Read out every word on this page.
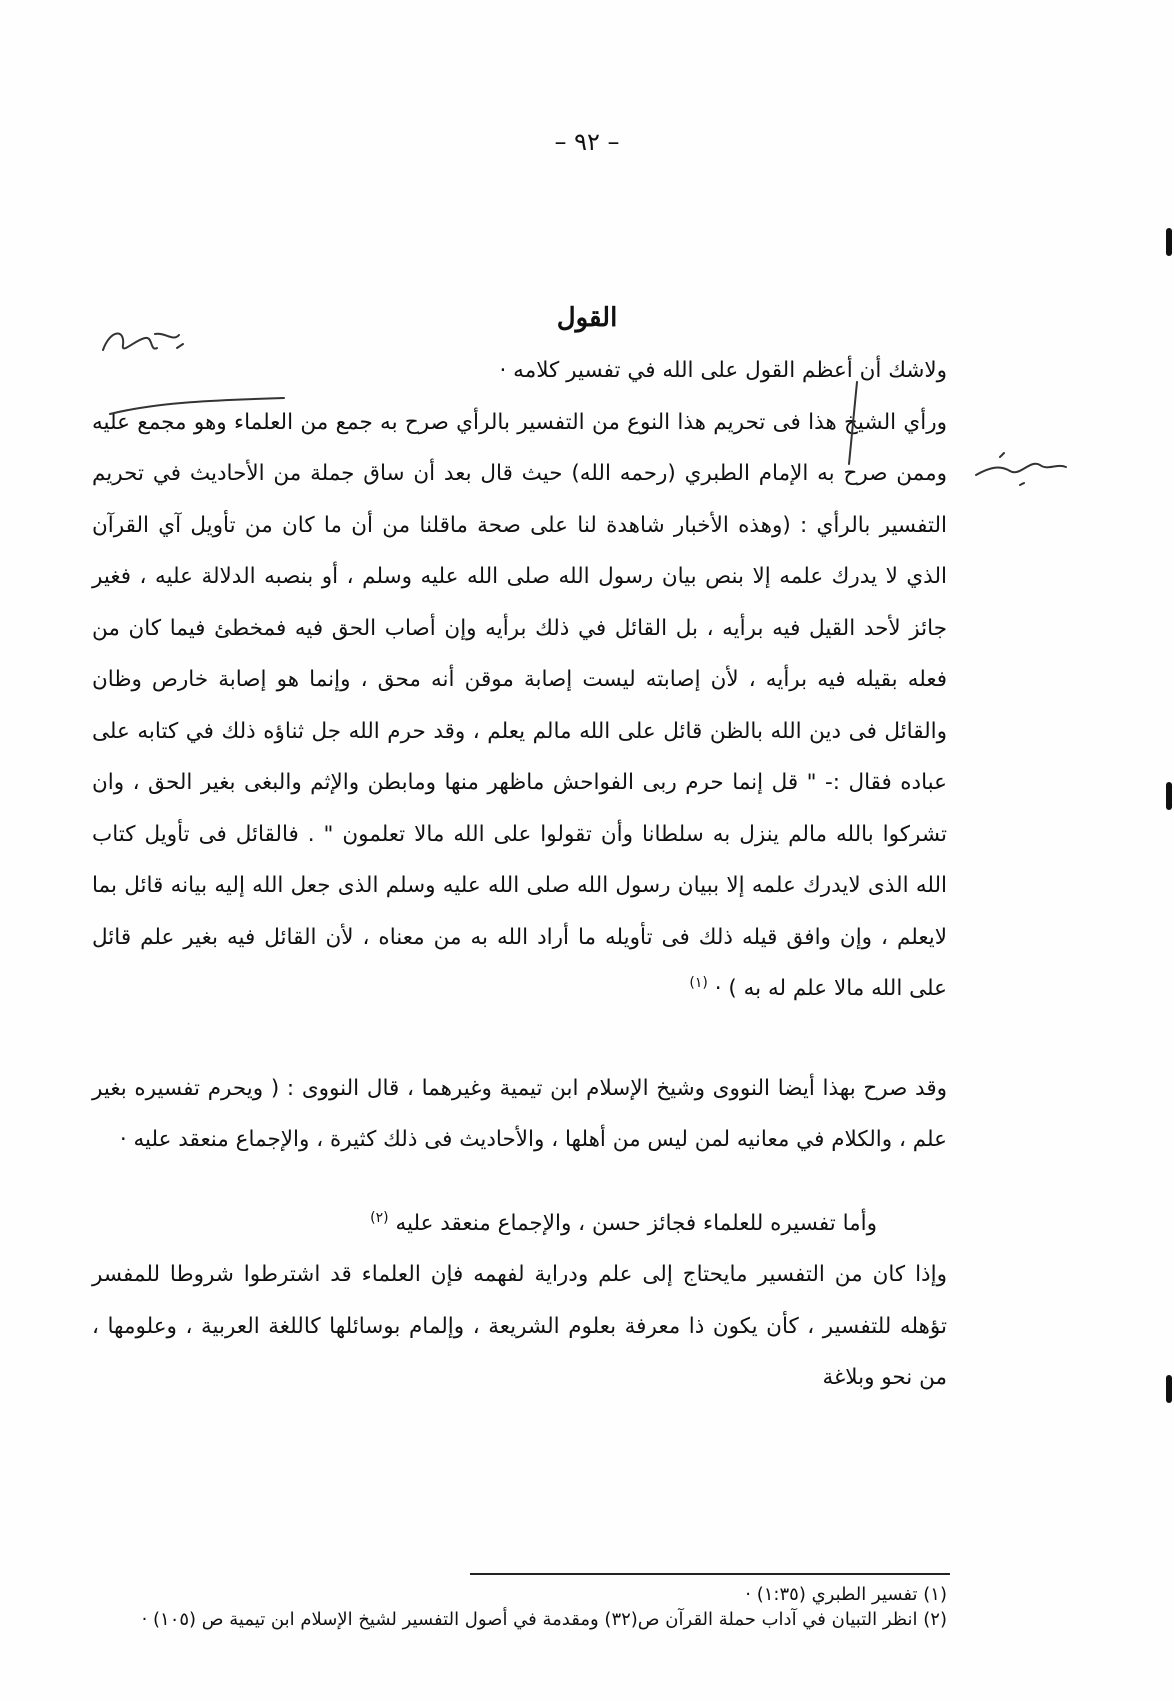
– ٩٢ –
القول

ولاشك أن أعظم القول على الله في تفسير كلامه ·

ورأي الشيخ هذا فى تحريم هذا النوع من التفسير بالرأي صرح به جمع من العلماء وهو مجمع عليه وممن صرح به الإمام الطبري (رحمه الله) حيث قال بعد أن ساق جملة من الأحاديث في تحريم التفسير بالرأي : (وهذه الأخبار شاهدة لنا على صحة ماقلنا من أن ما كان من تأويل آي القرآن الذي لا يدرك علمه إلا بنص بيان رسول الله صلى الله عليه وسلم ، أو بنصبه الدلالة عليه ، فغير جائز لأحد القيل فيه برأيه ، بل القائل في ذلك برأيه وإن أصاب الحق فيه فمخطئ فيما كان من فعله بقيله فيه برأيه ، لأن إصابته ليست إصابة موقن أنه محق ، وإنما هو إصابة خارص وظان والقائل فى دين الله بالظن قائل على الله مالم يعلم ، وقد حرم الله جل ثناؤه ذلك في كتابه على عباده فقال :- " قل إنما حرم ربى الفواحش ماظهر منها ومابطن والإثم والبغى بغير الحق ، وان تشركوا بالله مالم ينزل به سلطانا وأن تقولوا على الله مالا تعلمون " . فالقائل فى تأويل كتاب الله الذى لايدرك علمه إلا ببيان رسول الله صلى الله عليه وسلم الذى جعل الله إليه بيانه قائل بما لايعلم ، وإن وافق قيله ذلك فى تأويله ما أراد الله به من معناه ، لأن القائل فيه بغير علم قائل على الله مالا علم له به ) · $^{(١)}$

وقد صرح بهذا أيضا النووى وشيخ الإسلام ابن تيمية وغيرهما ، قال النووى : ( ويحرم تفسيره بغير علم ، والكلام في معانيه لمن ليس من أهلها ، والأحاديث فى ذلك كثيرة ، والإجماع منعقد عليه ·

وأما تفسيره للعلماء فجائز حسن ، والإجماع منعقد عليه $^{(٢)}$

وإذا كان من التفسير مايحتاج إلى علم ودراية لفهمه فإن العلماء قد اشترطوا شروطا للمفسر تؤهله للتفسير ، كأن يكون ذا معرفة بعلوم الشريعة ، وإلمام بوسائلها كاللغة العربية ، وعلومها ، من نحو وبلاغة

(١) تفسير الطبري (١:٣٥) ·

(٢) انظر التبيان في آداب حملة القرآن ص(٣٢) ومقدمة في أصول التفسير لشيخ الإسلام ابن تيمية ص (١٠٥) ·
